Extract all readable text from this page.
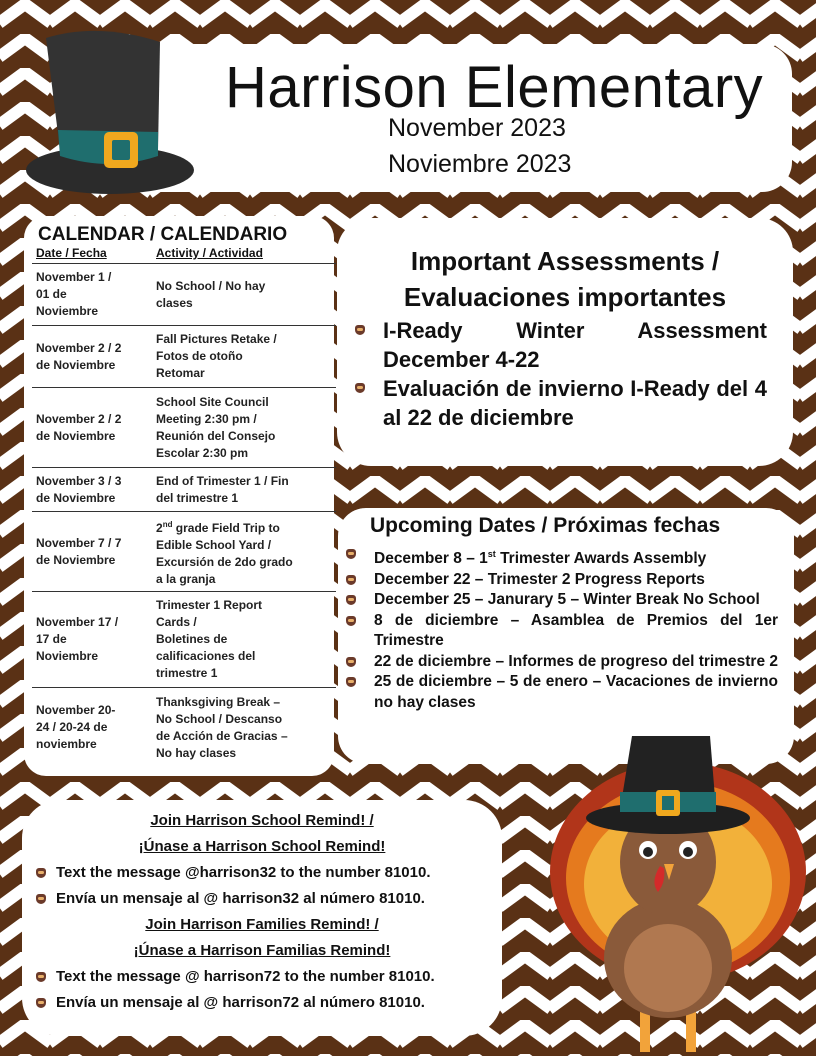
Harrison Elementary
November 2023
Noviembre 2023
CALENDAR / CALENDARIO
Date / Fecha	Activity / Actividad
November 1 /
01 de
Noviembre	No School / No hay
clases
November 2 / 2
de Noviembre	Fall Pictures Retake /
Fotos de otoño
Retomar
November 2 / 2
de Noviembre	School Site Council
Meeting 2:30 pm /
Reunión del Consejo
Escolar 2:30 pm
November 3 / 3
de Noviembre	End of Trimester 1 / Fin
del trimestre 1
November 7 / 7
de Noviembre	2nd grade Field Trip to
Edible School Yard /
Excursión de 2do grado
a la granja
November 17 /
17 de
Noviembre	Trimester 1 Report
Cards /
Boletines de
calificaciones del
trimestre 1
November 20-
24 / 20-24 de
noviembre	Thanksgiving Break –
No School / Descanso
de Acción de Gracias –
No hay clases
Important Assessments /
Evaluaciones importantes
I-Ready Winter Assessment December 4-22
Evaluación de invierno I-Ready del 4 al 22 de diciembre
Upcoming Dates / Próximas fechas
December 8 – 1st Trimester Awards Assembly
December 22 – Trimester 2 Progress Reports
December 25 – Janurary 5 – Winter Break No School
8 de diciembre – Asamblea de Premios del 1er Trimestre
22 de diciembre – Informes de progreso del trimestre 2
25 de diciembre – 5 de enero – Vacaciones de invierno no hay clases
Join Harrison School Remind! /
¡Únase a Harrison School Remind!
Text the message @harrison32 to the number 81010.
Envía un mensaje al @ harrison32 al número 81010.
Join Harrison Families Remind! /
¡Únase a Harrison Familias Remind!
Text the message @ harrison72 to the number 81010.
Envía un mensaje al @ harrison72 al número 81010.
